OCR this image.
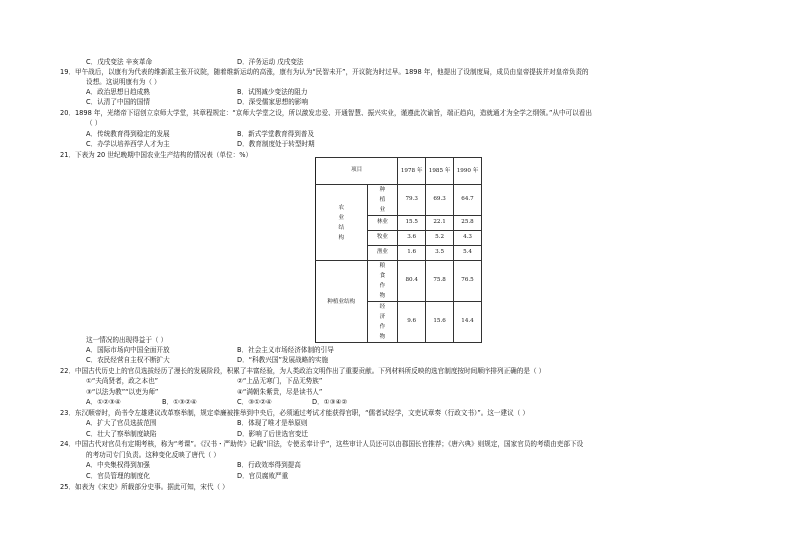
C．戊戌变法 辛亥革命	D．洋务运动 戊戌变法
19．甲午战后，以康有为代表的维新派主张开议院，随着维新运动的高涨，康有为认为“民智未开”，开议院为时过早。1898 年，他提出了设制度局，成员由皇帝提拔并对皇帝负责的
设想。这说明康有为（ ）
A．政治思想日趋成熟	B．试图减少变法的阻力
C．认清了中国的国情	D．深受儒家思想的影响
20．1898 年，光绪帝下诏创立京师大学堂，其章程规定：“京师大学堂之设，所以激发忠爱、开通智慧、振兴实业，谨遵此次谕旨，端正趋向，造就通才为全学之纲领。”从中可以看出
（ ）
A．传统教育得到稳定的发展	B．新式学堂教育得到普及
C．办学以培养西学人才为主	D．教育制度处于转型时期
21．下表为 20 世纪晚期中国农业生产结构的情况表（单位：%）
项目		1978 年	1985 年	1990 年
农业结构	种植业	79.3	69.3	64.7
	林业	15.5	22.1	25.8
	牧业	3.6	5.2	4.3
	渔业	1.6	3.5	5.4
种植业结构	粮食作物	80.4	75.8	76.5
	经济作物	9.6	15.6	14.4
这一情况的出现得益于（ ）
A．国际市场向中国全面开放	B．社会主义市场经济体制的引导
C．农民经营自主权不断扩大	D．“科教兴国”发展战略的实施
22．中国古代历史上的官员选拔经历了漫长的发展阶段，积累了丰富经验，为人类政治文明作出了重要贡献。下列材料所反映的选官制度按时间顺序排列正确的是（ ）
①“夫尚贤者，政之本也”	②“上品无寒门，下品无势族”
③“以法为教”“以吏为师”	④“满朝朱紫贵，尽是读书人”
A．①②③④	B．①③②④	C．③①②④	D．①③④②
23．东汉顺帝时，尚书令左雄建议改革察举制，规定牵廉被推举到中央后，必须通过考试才能获得官职，“儒者试经学，文吏试章奏（行政文书）”。这一建议（ ）
A．扩大了官员选拔范围	B．体现了唯才是举原则
C．壮大了察举制度缺陷	D．影响了后世选官变迁
24．中国古代对官员有定期考核，称为“考课”。《汉书・严助传》记载“旧法，专使丞奉计乎”，这些审计人员还可以由郡国长官推荐；《唐六典》则规定，国家官员的考绩由吏部下设
的考功司专门负责。这种变化反映了唐代（ ）
A．中央集权得到加强	B．行政效率得到提高
C．官员管理的制度化	D．官员腐败严重
25．如表为《宋史》所载部分史事。据此可知，宋代（ ）
